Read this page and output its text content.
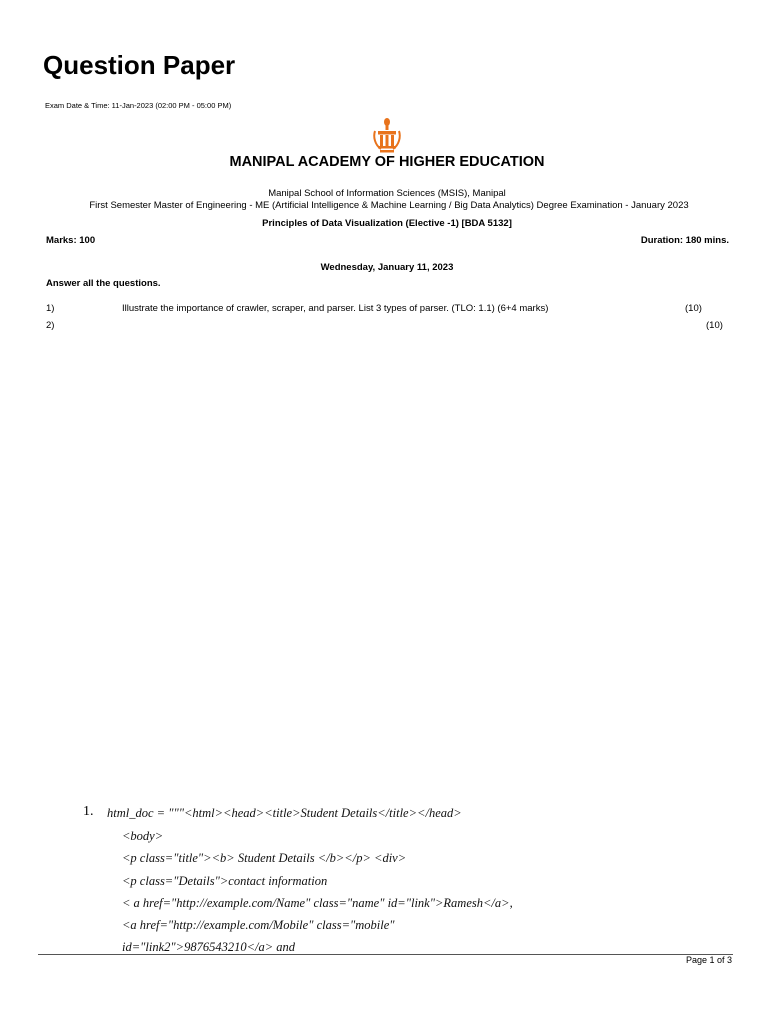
Question Paper
Exam Date & Time: 11-Jan-2023 (02:00 PM - 05:00 PM)
MANIPAL ACADEMY OF HIGHER EDUCATION
Manipal School of Information Sciences (MSIS), Manipal
First Semester Master of Engineering - ME (Artificial Intelligence & Machine Learning / Big Data Analytics) Degree Examination - January 2023
Principles of Data Visualization (Elective -1) [BDA 5132]
Marks: 100	Duration: 180 mins.
Wednesday, January 11, 2023
Answer all the questions.
1)	Illustrate the importance of crawler, scraper, and parser. List 3 types of parser. (TLO: 1.1) (6+4 marks)	(10)
2)	(10)
1. html_doc = """<html><head><title>Student Details</title></head>
<body>
<p class="title"><b> Student Details </b></p> <div>
<p class="Details">contact information
< a href="http://example.com/Name" class="name" id="link">Ramesh</a>,
<a href="http://example.com/Mobile" class="mobile"
id="link2">9876543210</a> and
Page 1 of 3
